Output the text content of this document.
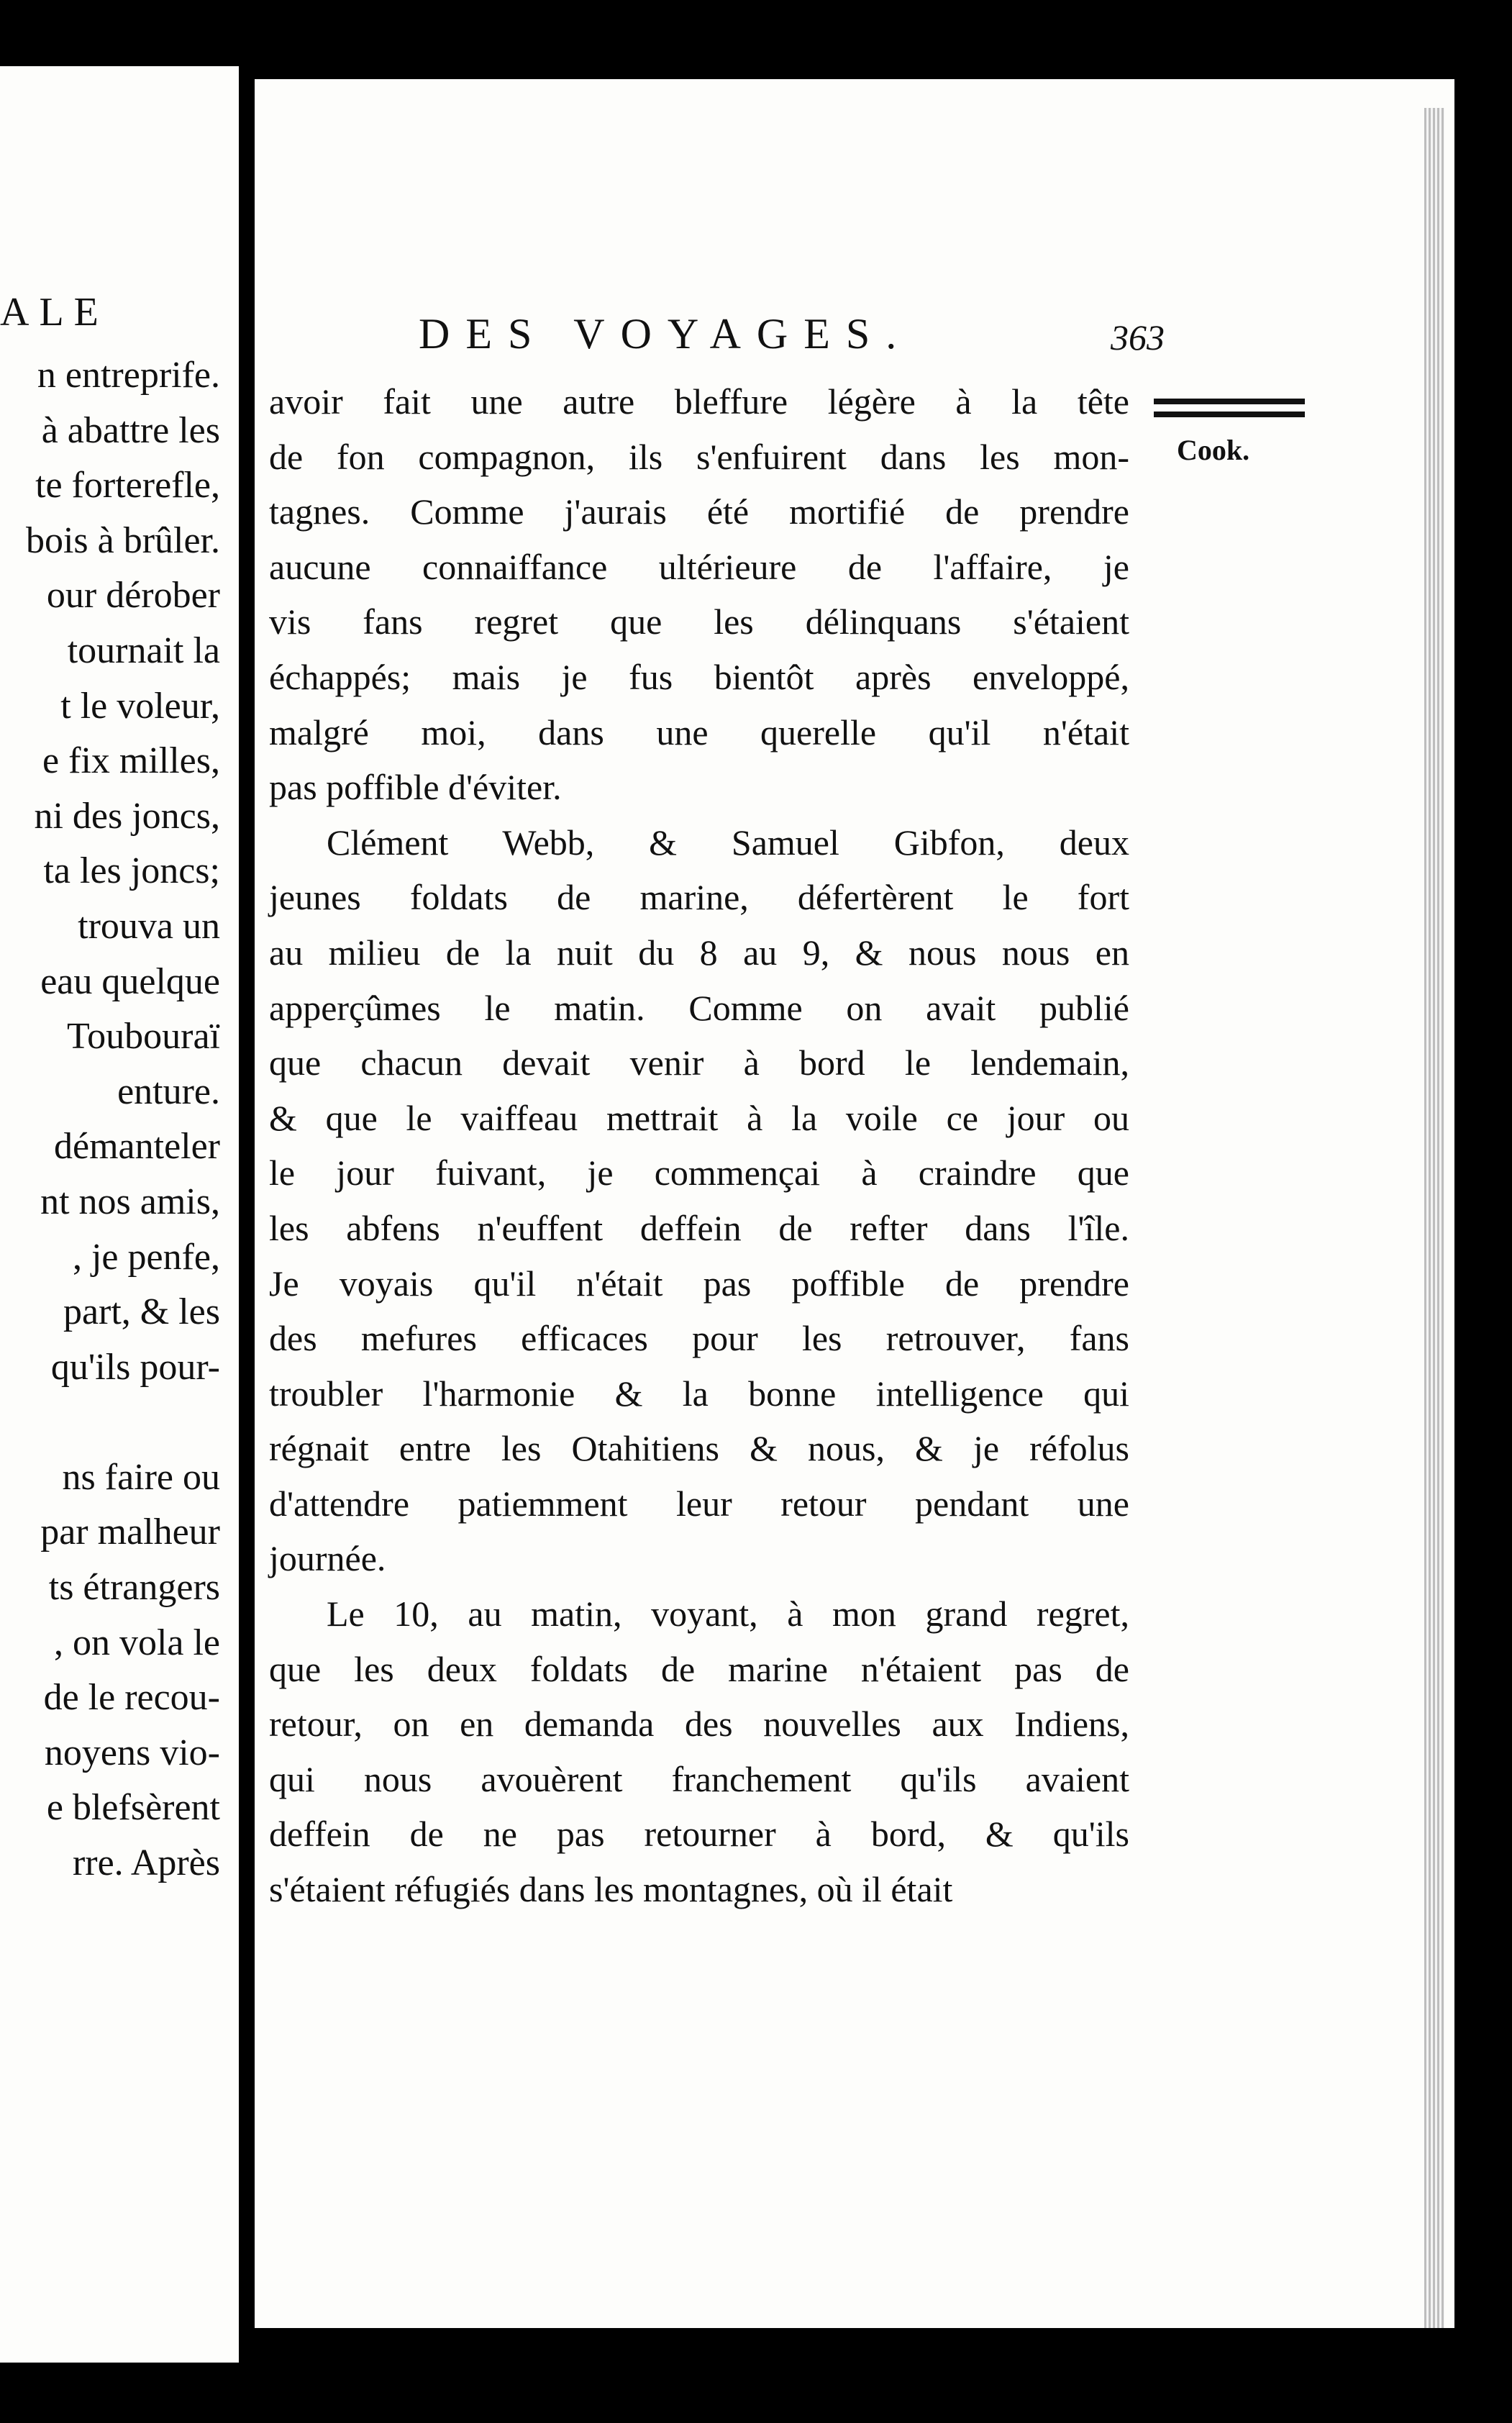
ALE
n entreprife.
à abattre les
te forterefle,
bois à brûler.
our dérober
tournait la
t le voleur,
e fix milles,
ni des joncs,
ta les joncs;
trouva un
eau quelque
Toubouraï
enture.
démanteler
nt nos amis,
, je penfe,
part, & les
qu'ils pour-
ns faire ou
par malheur
ts étrangers
, on vola le
de le recou-
noyens vio-
e blefsèrent
rre. Après
DES VOYAGES.	363
Cook.

avoir fait une autre bleffure légère à la tête

de fon compagnon, ils s'enfuirent dans les mon-

tagnes. Comme j'aurais été mortifié de prendre

aucune connaiffance ultérieure de l'affaire, je

vis fans regret que les délinquans s'étaient

échappés; mais je fus bientôt après enveloppé,

malgré moi, dans une querelle qu'il n'était

pas poffible d'éviter.

Clément Webb, & Samuel Gibfon, deux

jeunes foldats de marine, défertèrent le fort

au milieu de la nuit du 8 au 9, & nous nous en

apperçûmes le matin. Comme on avait publié

que chacun devait venir à bord le lendemain,

& que le vaiffeau mettrait à la voile ce jour ou

le jour fuivant, je commençai à craindre que

les abfens n'euffent deffein de refter dans l'île.

Je voyais qu'il n'était pas poffible de prendre

des mefures efficaces pour les retrouver, fans

troubler l'harmonie & la bonne intelligence qui

régnait entre les Otahitiens & nous, & je réfolus

d'attendre patiemment leur retour pendant une

journée.

Le 10, au matin, voyant, à mon grand regret,

que les deux foldats de marine n'étaient pas de

retour, on en demanda des nouvelles aux Indiens,

qui nous avouèrent franchement qu'ils avaient

deffein de ne pas retourner à bord, & qu'ils

s'étaient réfugiés dans les montagnes, où il était
